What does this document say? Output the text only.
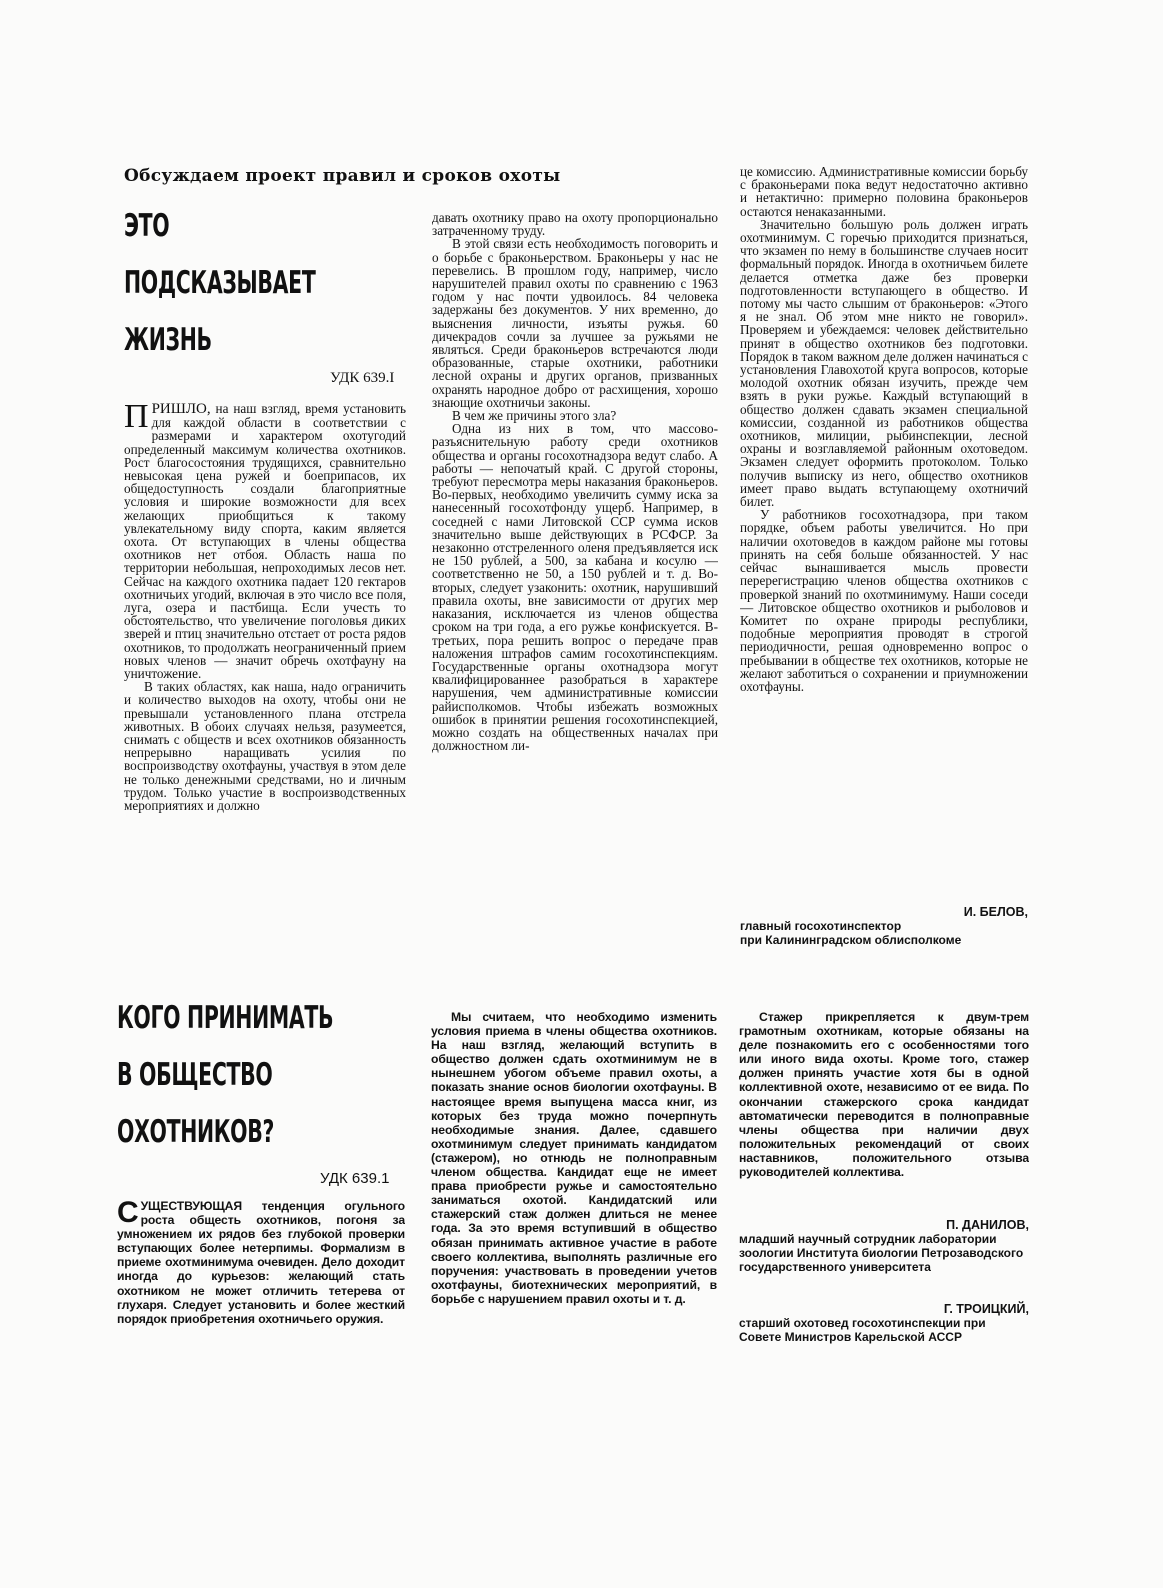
Обсуждаем проект правил и сроков охоты
ЭТО
ПОДСКАЗЫВАЕТ
ЖИЗНЬ
УДК 639.I

ПРИШЛО, на наш взгляд, время установить для каждой области в соответствии с размерами и характером охотугодий определенный максимум количества охотников. Рост благосостояния трудящихся, сравнительно невысокая цена ружей и боеприпасов, их общедоступность создали благоприятные условия и широкие возможности для всех желающих приобщиться к такому увлекательному виду спорта, каким является охота. От вступающих в члены общества охотников нет отбоя. Область наша по территории небольшая, непроходимых лесов нет. Сейчас на каждого охотника падает 120 гектаров охотничьих угодий, включая в это число все поля, луга, озера и пастбища. Если учесть то обстоятельство, что увеличение поголовья диких зверей и птиц значительно отстает от роста рядов охотников, то продолжать неограниченный прием новых членов — значит обречь охотфауну на уничтожение.

В таких областях, как наша, надо ограничить и количество выходов на охоту, чтобы они не превышали установленного плана отстрела животных. В обоих случаях нельзя, разумеется, снимать с обществ и всех охотников обязанность непрерывно наращивать усилия по воспроизводству охотфауны, участвуя в этом деле не только денежными средствами, но и личным трудом. Только участие в воспроизводственных мероприятиях и должно

давать охотнику право на охоту пропорционально затраченному труду.

В этой связи есть необходимость поговорить и о борьбе с браконьерством. Браконьеры у нас не перевелись. В прошлом году, например, число нарушителей правил охоты по сравнению с 1963 годом у нас почти удвоилось. 84 человека задержаны без документов. У них временно, до выяснения личности, изъяты ружья. 60 дичекрадов сочли за лучшее за ружьями не являться. Среди браконьеров встречаются люди образованные, старые охотники, работники лесной охраны и других органов, призванных охранять народное добро от расхищения, хорошо знающие охотничьи законы.

В чем же причины этого зла?

Одна из них в том, что массово-разъяснительную работу среди охотников общества и органы госохотнадзора ведут слабо. А работы — непочатый край. С другой стороны, требуют пересмотра меры наказания браконьеров. Во-первых, необходимо увеличить сумму иска за нанесенный госохотфонду ущерб. Например, в соседней с нами Литовской ССР сумма исков значительно выше действующих в РСФСР. За незаконно отстреленного оленя предъявляется иск не 150 рублей, а 500, за кабана и косулю — соответственно не 50, а 150 рублей и т. д. Во-вторых, следует узаконить: охотник, нарушивший правила охоты, вне зависимости от других мер наказания, исключается из членов общества сроком на три года, а его ружье конфискуется. В-третьих, пора решить вопрос о передаче прав наложения штрафов самим госохотинспекциям. Государственные органы охотнадзора могут квалифицированнее разобраться в характере нарушения, чем административные комиссии райисполкомов. Чтобы избежать возможных ошибок в принятии решения госохотинспекцией, можно создать на общественных началах при должностном ли-

це комиссию. Административные комиссии борьбу с браконьерами пока ведут недостаточно активно и нетактично: примерно половина браконьеров остаются ненаказанными.

Значительно большую роль должен играть охотминимум. С горечью приходится признаться, что экзамен по нему в большинстве случаев носит формальный порядок. Иногда в охотничьем билете делается отметка даже без проверки подготовленности вступающего в общество. И потому мы часто слышим от браконьеров: «Этого я не знал. Об этом мне никто не говорил». Проверяем и убеждаемся: человек действительно принят в общество охотников без подготовки. Порядок в таком важном деле должен начинаться с установления Главохотой круга вопросов, которые молодой охотник обязан изучить, прежде чем взять в руки ружье. Каждый вступающий в общество должен сдавать экзамен специальной комиссии, созданной из работников общества охотников, милиции, рыбинспекции, лесной охраны и возглавляемой районным охотоведом. Экзамен следует оформить протоколом. Только получив выписку из него, общество охотников имеет право выдать вступающему охотничий билет.

У работников госохотнадзора, при таком порядке, объем работы увеличится. Но при наличии охотоведов в каждом районе мы готовы принять на себя больше обязанностей. У нас сейчас вынашивается мысль провести перерегистрацию членов общества охотников с проверкой знаний по охотминимуму. Наши соседи — Литовское общество охотников и рыболовов и Комитет по охране природы республики, подобные мероприятия проводят в строгой периодичности, решая одновременно вопрос о пребывании в обществе тех охотников, которые не желают заботиться о сохранении и приумножении охотфауны.

И. БЕЛОВ,
главный госохотинспектор
при Калининградском облисполкоме
КОГО ПРИНИМАТЬ
В ОБЩЕСТВО
ОХОТНИКОВ?
УДК 639.1

СУЩЕСТВУЮЩАЯ тенденция огульного роста общесть охотников, погоня за умножением их рядов без глубокой проверки вступающих более нетерпимы. Формализм в приеме охотминимума очевиден. Дело доходит иногда до курьезов: желающий стать охотником не может отличить тетерева от глухаря. Следует установить и более жесткий порядок приобретения охотничьего оружия.

Мы считаем, что необходимо изменить условия приема в члены общества охотников. На наш взгляд, желающий вступить в общество должен сдать охотминимум не в нынешнем убогом объеме правил охоты, а показать знание основ биологии охотфауны. В настоящее время выпущена масса книг, из которых без труда можно почерпнуть необходимые знания. Далее, сдавшего охотминимум следует принимать кандидатом (стажером), но отнюдь не полноправным членом общества. Кандидат еще не имеет права приобрести ружье и самостоятельно заниматься охотой. Кандидатский или стажерский стаж должен длиться не менее года. За это время вступивший в общество обязан принимать активное участие в работе своего коллектива, выполнять различные его поручения: участвовать в проведении учетов охотфауны, биотехнических мероприятий, в борьбе с нарушением правил охоты и т. д.

Стажер прикрепляется к двум-трем грамотным охотникам, которые обязаны на деле познакомить его с особенностями того или иного вида охоты. Кроме того, стажер должен принять участие хотя бы в одной коллективной охоте, независимо от ее вида. По окончании стажерского срока кандидат автоматически переводится в полноправные члены общества при наличии двух положительных рекомендаций от своих наставников, положительного отзыва руководителей коллектива.

П. ДАНИЛОВ,
младший научный сотрудник лаборатории зоологии Института биологии Петрозаводского государственного университета
Г. ТРОИЦКИЙ,
старший охотовед госохотинспекции при Совете Министров Карельской АССР
